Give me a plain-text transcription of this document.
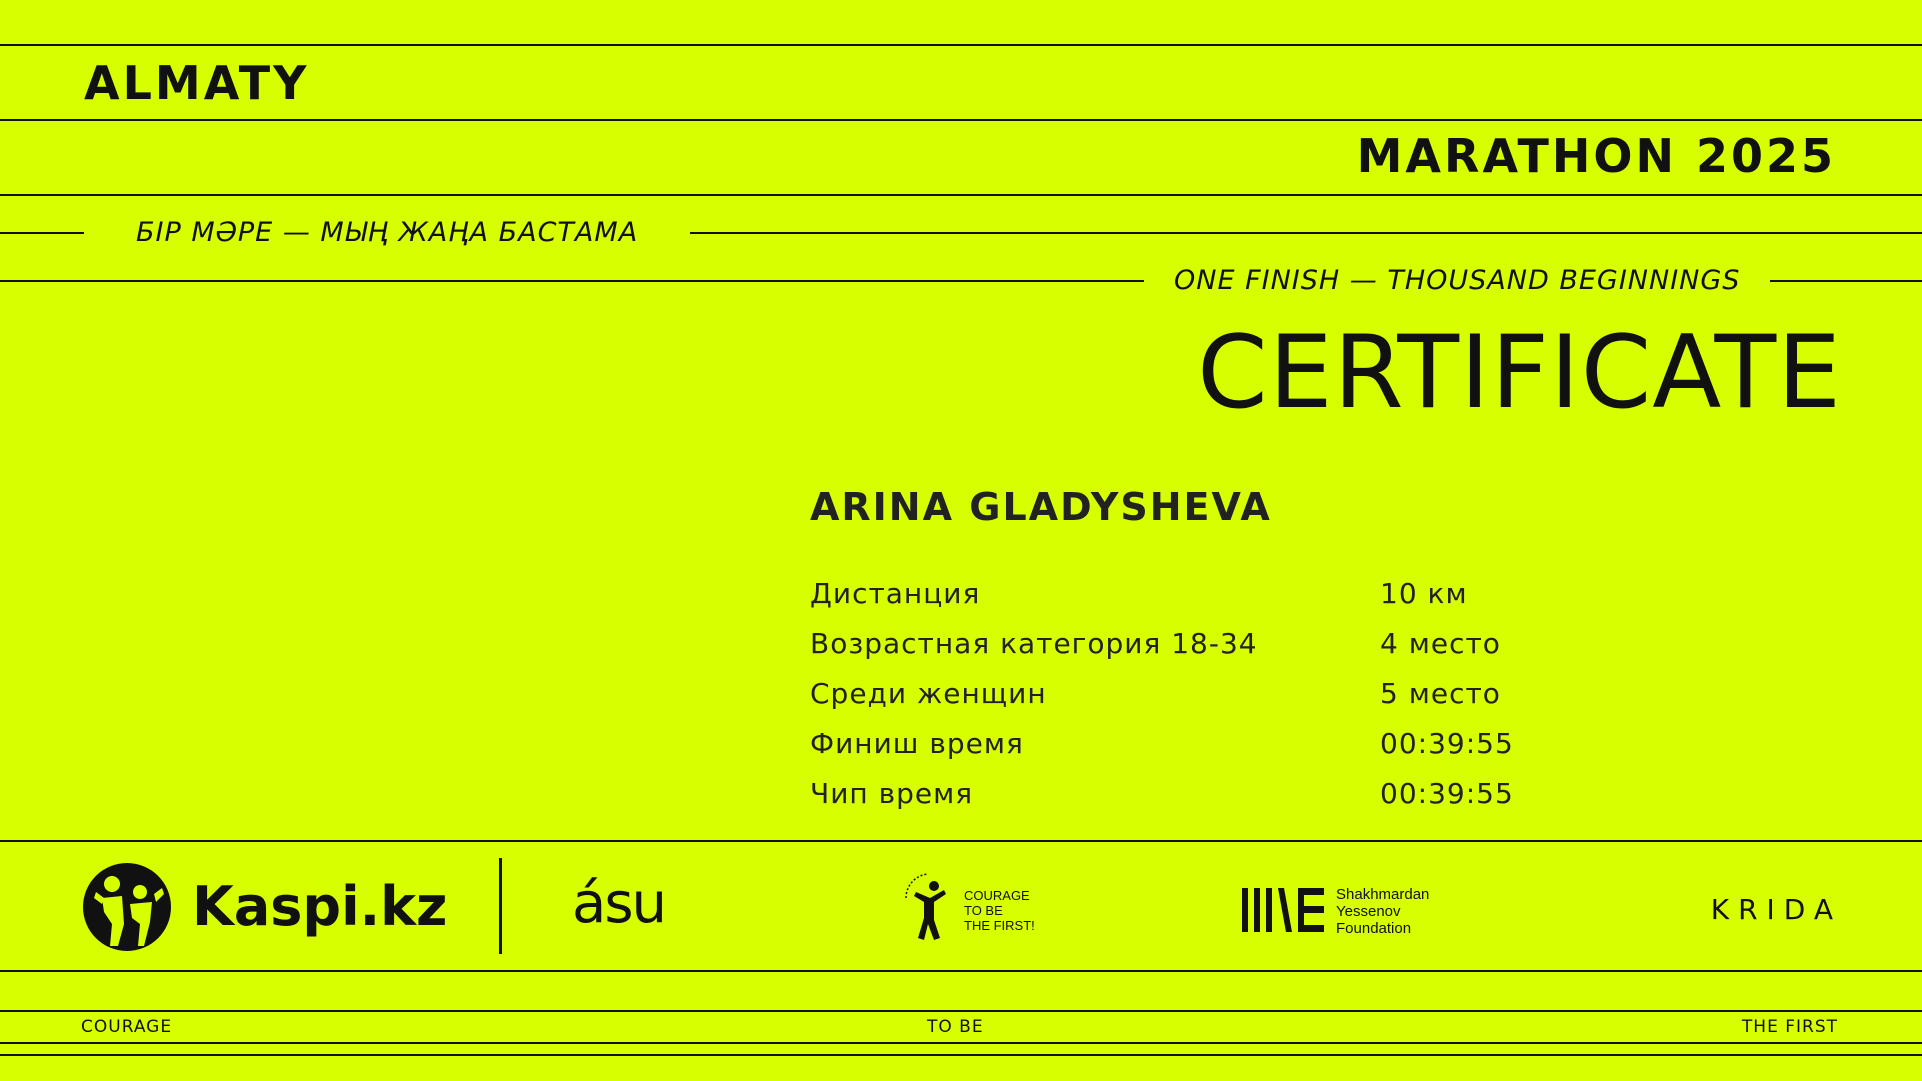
ALMATY
MARATHON 2025
БІР МӘРЕ — МЫҢ ЖАҢА БАСТАМА
ONE FINISH — THOUSAND BEGINNINGS
CERTIFICATE
ARINA GLADYSHEVA
Дистанция	10 км
Возрастная категория 18-34	4 место
Среди женщин	5 место
Финиш время	00:39:55
Чип время	00:39:55
Kaspi.kz ásu	COURAGE
TO BE
THE FIRST!
Shakhmardan
Yessenov
Foundation
KRIDA
COURAGE	TO BE	THE FIRST
